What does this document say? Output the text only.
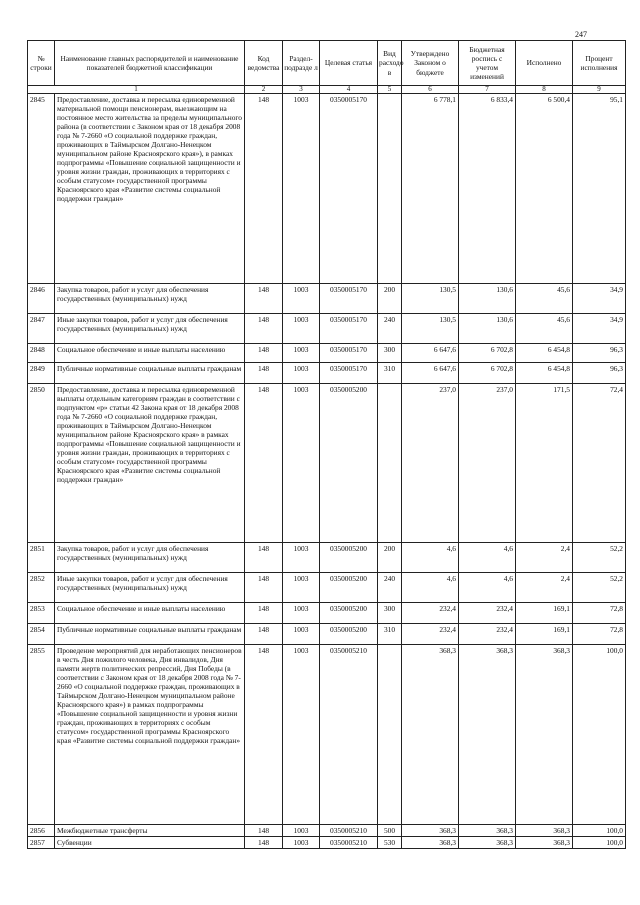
247
№ строки	Наименование главных распорядителей и наименование показателей бюджетной классификации	Код ведомства	Раздел-подразде л	Целевая статья	Вид расходо в	Утверждено Законом о бюджете	Бюджетная роспись с учетом изменений	Исполнено	Процент исполнения
1		2	3	4	5	6	7	8	9
2845	Предоставление, доставка и пересылка единовременной материальной помощи пенсионерам, выезжающим на постоянное место жительства за пределы муниципального района (в соответствии с Законом края от 18 декабря 2008 года № 7-2660 «О социальной поддержке граждан, проживающих в Таймырском Долгано-Ненецком муниципальном районе Красноярского края»), в рамках подпрограммы «Повышение социальной защищенности и уровня жизни граждан, проживающих в территориях с особым статусом» государственной программы Красноярского края «Развитие системы социальной поддержки граждан»	148	1003	0350005170		6 778,1	6 833,4	6 500,4	95,1
2846	Закупка товаров, работ и услуг для обеспечения государственных (муниципальных) нужд	148	1003	0350005170	200	130,5	130,6	45,6	34,9
2847	Иные закупки товаров, работ и услуг для обеспечения государственных (муниципальных) нужд	148	1003	0350005170	240	130,5	130,6	45,6	34,9
2848	Социальное обеспечение и иные выплаты населению	148	1003	0350005170	300	6 647,6	6 702,8	6 454,8	96,3
2849	Публичные нормативные социальные выплаты гражданам	148	1003	0350005170	310	6 647,6	6 702,8	6 454,8	96,3
2850	Предоставление, доставка и пересылка единовременной выплаты отдельным категориям граждан в соответствии с подпунктом «р» статьи 42 Закона края от 18 декабря 2008 года № 7-2660 «О социальной поддержке граждан, проживающих в Таймырском Долгано-Ненецком муниципальном районе Красноярского края» в рамках подпрограммы «Повышение социальной защищенности и уровня жизни граждан, проживающих в территориях с особым статусом» государственной программы Красноярского края «Развитие системы социальной поддержки граждан»	148	1003	0350005200		237,0	237,0	171,5	72,4
2851	Закупка товаров, работ и услуг для обеспечения государственных (муниципальных) нужд	148	1003	0350005200	200	4,6	4,6	2,4	52,2
2852	Иные закупки товаров, работ и услуг для обеспечения государственных (муниципальных) нужд	148	1003	0350005200	240	4,6	4,6	2,4	52,2
2853	Социальное обеспечение и иные выплаты населению	148	1003	0350005200	300	232,4	232,4	169,1	72,8
2854	Публичные нормативные социальные выплаты гражданам	148	1003	0350005200	310	232,4	232,4	169,1	72,8
2855	Проведение мероприятий для неработающих пенсионеров в честь Дня пожилого человека, Дня инвалидов, Дня памяти жертв политических репрессий, Дня Победы (в соответствии с Законом края от 18 декабря 2008 года № 7-2660 «О социальной поддержке граждан, проживающих в Таймырском Долгано-Ненецком муниципальном районе Красноярского края») в рамках подпрограммы «Повышение социальной защищенности и уровня жизни граждан, проживающих в территориях с особым статусом» государственной программы Красноярского края «Развитие системы социальной поддержки граждан»	148	1003	0350005210		368,3	368,3	368,3	100,0
2856	Межбюджетные трансферты	148	1003	0350005210	500	368,3	368,3	368,3	100,0
2857	Субвенции	148	1003	0350005210	530	368,3	368,3	368,3	100,0
